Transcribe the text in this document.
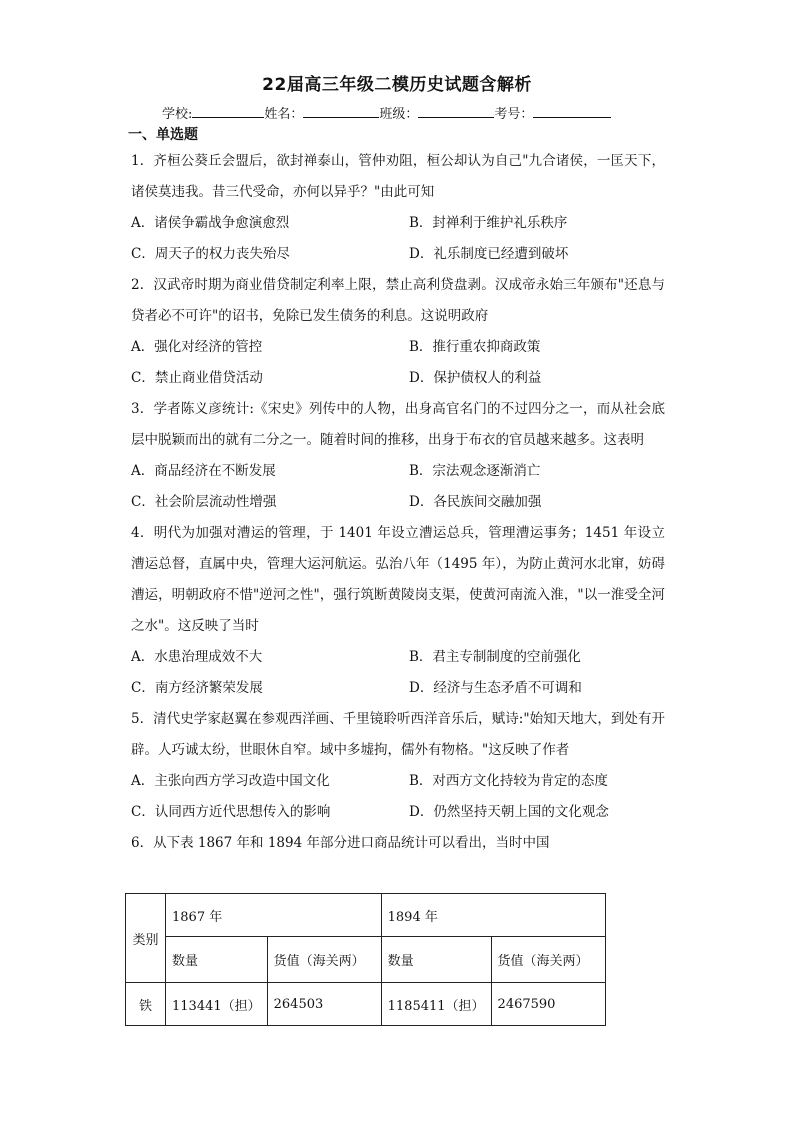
22届高三年级二模历史试题含解析
学校:	姓名：	班级：	考号：
一、单选题
1．齐桓公葵丘会盟后，欲封禅泰山，管仲劝阻，桓公却认为自己"九合诸侯，一匡天下，诸侯莫违我。昔三代受命，亦何以异乎？"由此可知
A．诸侯争霸战争愈演愈烈	B．封禅利于维护礼乐秩序
C．周天子的权力丧失殆尽	D．礼乐制度已经遭到破坏
2．汉武帝时期为商业借贷制定利率上限，禁止高利贷盘剥。汉成帝永始三年颁布"还息与贷者必不可许"的诏书，免除已发生债务的利息。这说明政府
A．强化对经济的管控	B．推行重农抑商政策
C．禁止商业借贷活动	D．保护债权人的利益
3．学者陈义彦统计:《宋史》列传中的人物，出身高官名门的不过四分之一，而从社会底层中脱颖而出的就有二分之一。随着时间的推移，出身于布衣的官员越来越多。这表明
A．商品经济在不断发展	B．宗法观念逐渐消亡
C．社会阶层流动性增强	D．各民族间交融加强
4．明代为加强对漕运的管理，于 1401 年设立漕运总兵，管理漕运事务；1451 年设立漕运总督，直属中央，管理大运河航运。弘治八年（1495 年），为防止黄河水北窜，妨碍漕运，明朝政府不惜"逆河之性"，强行筑断黄陵岗支渠，使黄河南流入淮，"以一淮受全河之水"。这反映了当时
A．水患治理成效不大	B．君主专制制度的空前强化
C．南方经济繁荣发展	D．经济与生态矛盾不可调和
5．清代史学家赵翼在参观西洋画、千里镜聆听西洋音乐后，赋诗:"始知天地大，到处有开辟。人巧诚太纷，世眼休自窄。域中多墟拘，儒外有物格。"这反映了作者
A．主张向西方学习改造中国文化	B．对西方文化持较为肯定的态度
C．认同西方近代思想传入的影响	D．仍然坚持天朝上国的文化观念
6．从下表 1867 年和 1894 年部分进口商品统计可以看出，当时中国
类别	1867 年		1894 年	
	数量	货值（海关两）	数量	货值（海关两）
铁	113441（担）	264503	1185411（担）	2467590
